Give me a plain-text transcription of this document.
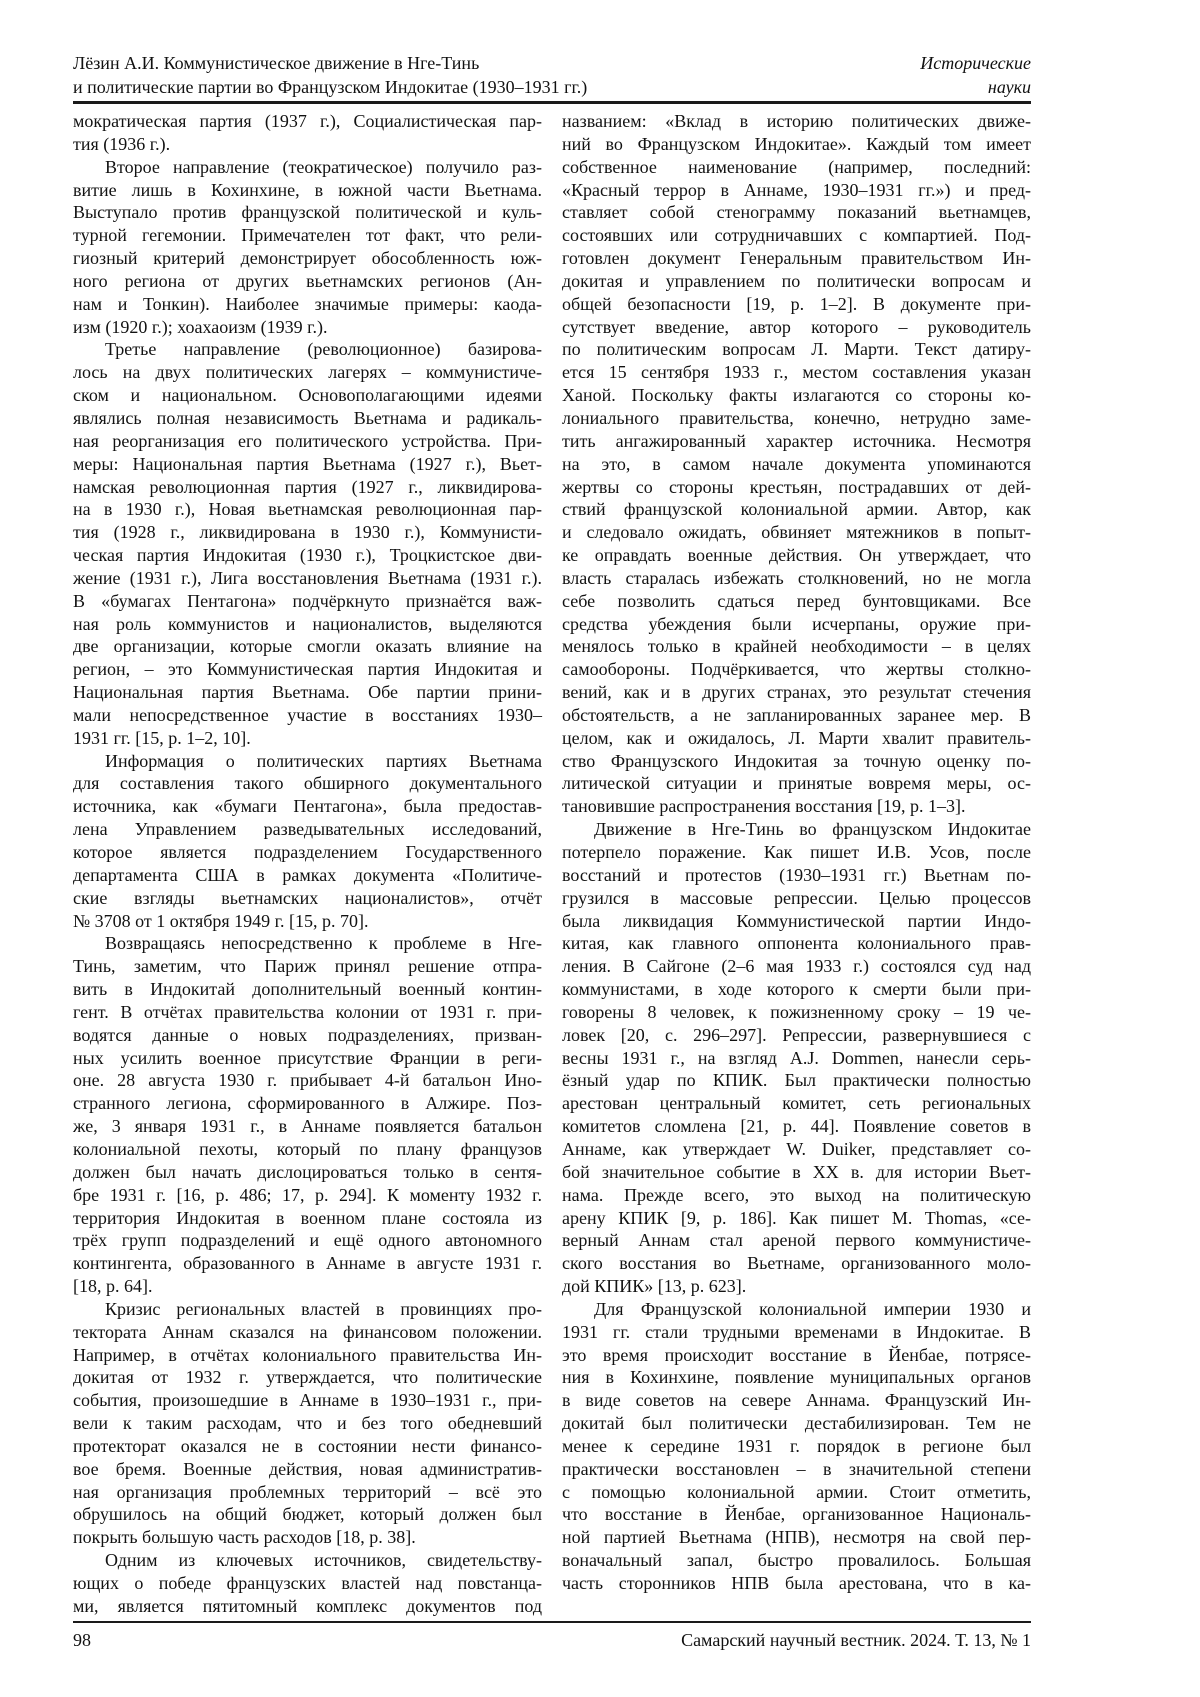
Лёзин А.И. Коммунистическое движение в Нге-Тинь
и политические партии во Французском Индокитае (1930–1931 гг.)
Исторические
науки

мократическая партия (1937 г.), Социалистическая пар-
тия (1936 г.).

Второе направление (теократическое) получило раз-
витие лишь в Кохинхине, в южной части Вьетнама.
Выступало против французской политической и куль-
турной гегемонии. Примечателен тот факт, что рели-
гиозный критерий демонстрирует обособленность юж-
ного региона от других вьетнамских регионов (Ан-
нам и Тонкин). Наиболее значимые примеры: каода-
изм (1920 г.); хоахаоизм (1939 г.).

Третье направление (революционное) базирова-
лось на двух политических лагерях – коммунистиче-
ском и национальном. Основополагающими идеями
являлись полная независимость Вьетнама и радикаль-
ная реорганизация его политического устройства. При-
меры: Национальная партия Вьетнама (1927 г.), Вьет-
намская революционная партия (1927 г., ликвидирова-
на в 1930 г.), Новая вьетнамская революционная пар-
тия (1928 г., ликвидирована в 1930 г.), Коммунисти-
ческая партия Индокитая (1930 г.), Троцкистское дви-
жение (1931 г.), Лига восстановления Вьетнама (1931 г.).
В «бумагах Пентагона» подчёркнуто признаётся важ-
ная роль коммунистов и националистов, выделяются
две организации, которые смогли оказать влияние на
регион, – это Коммунистическая партия Индокитая и
Национальная партия Вьетнама. Обе партии прини-
мали непосредственное участие в восстаниях 1930–
1931 гг. [15, p. 1–2, 10].

Информация о политических партиях Вьетнама
для составления такого обширного документального
источника, как «бумаги Пентагона», была предостав-
лена Управлением разведывательных исследований,
которое является подразделением Государственного
департамента США в рамках документа «Политиче-
ские взгляды вьетнамских националистов», отчёт
№ 3708 от 1 октября 1949 г. [15, p. 70].

Возвращаясь непосредственно к проблеме в Нге-
Тинь, заметим, что Париж принял решение отпра-
вить в Индокитай дополнительный военный контин-
гент. В отчётах правительства колонии от 1931 г. при-
водятся данные о новых подразделениях, призван-
ных усилить военное присутствие Франции в реги-
оне. 28 августа 1930 г. прибывает 4-й батальон Ино-
странного легиона, сформированного в Алжире. Поз-
же, 3 января 1931 г., в Аннаме появляется батальон
колониальной пехоты, который по плану французов
должен был начать дислоцироваться только в сентя-
бре 1931 г. [16, p. 486; 17, p. 294]. К моменту 1932 г.
территория Индокитая в военном плане состояла из
трёх групп подразделений и ещё одного автономного
контингента, образованного в Аннаме в августе 1931 г.
[18, p. 64].

Кризис региональных властей в провинциях про-
тектората Аннам сказался на финансовом положении.
Например, в отчётах колониального правительства Ин-
докитая от 1932 г. утверждается, что политические
события, произошедшие в Аннаме в 1930–1931 г., при-
вели к таким расходам, что и без того обедневший
протекторат оказался не в состоянии нести финансо-
вое бремя. Военные действия, новая административ-
ная организация проблемных территорий – всё это
обрушилось на общий бюджет, который должен был
покрыть большую часть расходов [18, p. 38].

Одним из ключевых источников, свидетельству-
ющих о победе французских властей над повстанца-
ми, является пятитомный комплекс документов под

названием: «Вклад в историю политических движе-
ний во Французском Индокитае». Каждый том имеет
собственное наименование (например, последний:
«Красный террор в Аннаме, 1930–1931 гг.») и пред-
ставляет собой стенограмму показаний вьетнамцев,
состоявших или сотрудничавших с компартией. Под-
готовлен документ Генеральным правительством Ин-
докитая и управлением по политически вопросам и
общей безопасности [19, p. 1–2]. В документе при-
сутствует введение, автор которого – руководитель
по политическим вопросам Л. Марти. Текст датиру-
ется 15 сентября 1933 г., местом составления указан
Ханой. Поскольку факты излагаются со стороны ко-
лониального правительства, конечно, нетрудно заме-
тить ангажированный характер источника. Несмотря
на это, в самом начале документа упоминаются
жертвы со стороны крестьян, пострадавших от дей-
ствий французской колониальной армии. Автор, как
и следовало ожидать, обвиняет мятежников в попыт-
ке оправдать военные действия. Он утверждает, что
власть старалась избежать столкновений, но не могла
себе позволить сдаться перед бунтовщиками. Все
средства убеждения были исчерпаны, оружие при-
менялось только в крайней необходимости – в целях
самообороны. Подчёркивается, что жертвы столкно-
вений, как и в других странах, это результат стечения
обстоятельств, а не запланированных заранее мер. В
целом, как и ожидалось, Л. Марти хвалит правитель-
ство Французского Индокитая за точную оценку по-
литической ситуации и принятые вовремя меры, ос-
тановившие распространения восстания [19, p. 1–3].

Движение в Нге-Тинь во французском Индокитае
потерпело поражение. Как пишет И.В. Усов, после
восстаний и протестов (1930–1931 гг.) Вьетнам по-
грузился в массовые репрессии. Целью процессов
была ликвидация Коммунистической партии Индо-
китая, как главного оппонента колониального прав-
ления. В Сайгоне (2–6 мая 1933 г.) состоялся суд над
коммунистами, в ходе которого к смерти были при-
говорены 8 человек, к пожизненному сроку – 19 че-
ловек [20, с. 296–297]. Репрессии, развернувшиеся с
весны 1931 г., на взгляд A.J. Dommen, нанесли серь-
ёзный удар по КПИК. Был практически полностью
арестован центральный комитет, сеть региональных
комитетов сломлена [21, p. 44]. Появление советов в
Аннаме, как утверждает W. Duiker, представляет со-
бой значительное событие в XX в. для истории Вьет-
нама. Прежде всего, это выход на политическую
арену КПИК [9, p. 186]. Как пишет M. Thomas, «се-
верный Аннам стал ареной первого коммунистиче-
ского восстания во Вьетнаме, организованного моло-
дой КПИК» [13, p. 623].

Для Французской колониальной империи 1930 и
1931 гг. стали трудными временами в Индокитае. В
это время происходит восстание в Йенбае, потрясе-
ния в Кохинхине, появление муниципальных органов
в виде советов на севере Аннама. Французский Ин-
докитай был политически дестабилизирован. Тем не
менее к середине 1931 г. порядок в регионе был
практически восстановлен – в значительной степени
с помощью колониальной армии. Стоит отметить,
что восстание в Йенбае, организованное Националь-
ной партией Вьетнама (НПВ), несмотря на свой пер-
воначальный запал, быстро провалилось. Большая
часть сторонников НПВ была арестована, что в ка-

98	Самарский научный вестник. 2024. Т. 13, № 1
